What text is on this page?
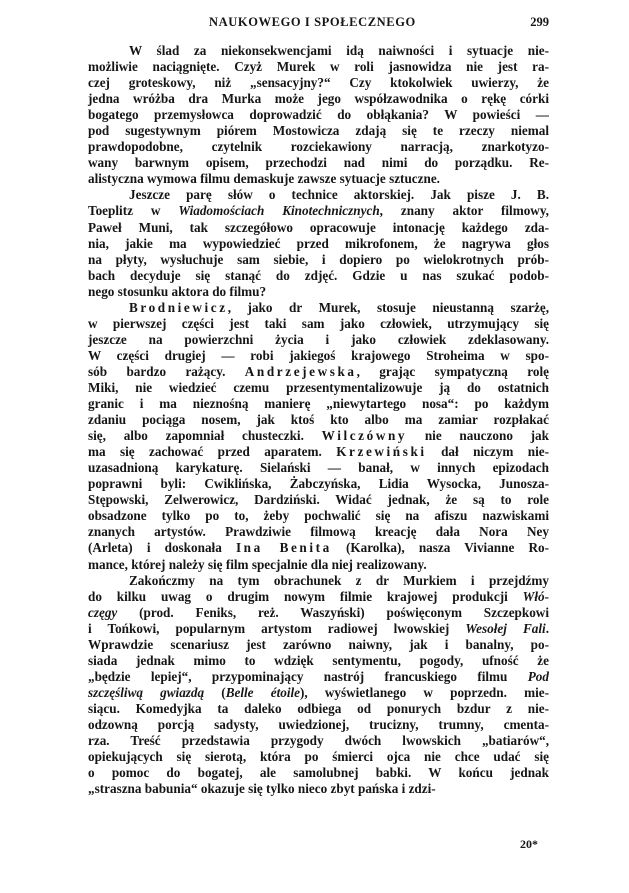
NAUKOWEGO I SPOŁECZNEGO	299
W ślad za niekonsekwencjami idą naiwności i sytuacje nie-
możliwie naciągnięte. Czyż Murek w roli jasnowidza nie jest ra-
czej groteskowy, niż „sensacyjny?“ Czy ktokolwiek uwierzy, że
jedna wróżba dra Murka może jego współzawodnika o rękę córki
bogatego przemysłowca doprowadzić do obłąkania? W powieści —
pod sugestywnym piórem Mostowicza zdają się te rzeczy niemal
prawdopodobne, czytelnik rozciekawiony narracją, znarkotyzo-
wany barwnym opisem, przechodzi nad nimi do porządku. Re-
alistyczna wymowa filmu demaskuje zawsze sytuacje sztuczne.
Jeszcze parę słów o technice aktorskiej. Jak pisze J. B.
Toeplitz w Wiadomościach Kinotechnicznych, znany aktor filmowy,
Paweł Muni, tak szczegółowo opracowuje intonację każdego zda-
nia, jakie ma wypowiedzieć przed mikrofonem, że nagrywa głos
na płyty, wysłuchuje sam siebie, i dopiero po wielokrotnych prób-
bach decyduje się stanąć do zdjęć. Gdzie u nas szukać podob-
nego stosunku aktora do filmu?
Brodniewicz, jako dr Murek, stosuje nieustanną szarżę,
w pierwszej części jest taki sam jako człowiek, utrzymujący się
jeszcze na powierzchni życia i jako człowiek zdeklasowany.
W części drugiej — robi jakiegoś krajowego Stroheima w spo-
sób bardzo rażący. Andrzejewska, grając sympatyczną rolę
Miki, nie wiedzieć czemu przesentymentalizowuje ją do ostatnich
granic i ma nieznośną manierę „niewytartego nosa“: po każdym
zdaniu pociąga nosem, jak ktoś kto albo ma zamiar rozpłakać
się, albo zapomniał chusteczki. Wilczówny nie nauczono jak
ma się zachować przed aparatem. Krzewiński dał niczym nie-
uzasadnioną karykaturę. Sielański — banał, w innych epizodach
poprawni byli: Cwiklińska, Żabczyńska, Lidia Wysocka, Junosza-
Stępowski, Zelwerowicz, Dardziński. Widać jednak, że są to role
obsadzone tylko po to, żeby pochwalić się na afiszu nazwiskami
znanych artystów. Prawdziwie filmową kreację dała Nora Ney
(Arleta) i doskonała Ina Benita (Karolka), nasza Vivianne Ro-
mance, której należy się film specjalnie dla niej realizowany.
Zakończmy na tym obrachunek z dr Murkiem i przejdźmy
do kilku uwag o drugim nowym filmie krajowej produkcji Włó-
częgy (prod. Feniks, reż. Waszyński) poświęconym Szczepkowi
i Tońkowi, popularnym artystom radiowej lwowskiej Wesołej Fali.
Wprawdzie scenariusz jest zarówno naiwny, jak i banalny, po-
siada jednak mimo to wdzięk sentymentu, pogody, ufność że
„będzie lepiej“, przypominający nastrój francuskiego filmu Pod
szczęśliwą gwiazdą (Belle étoile), wyświetlanego w poprzedn. mie-
siącu. Komedyjka ta daleko odbiega od ponurych bzdur z nie-
odzowną porcją sadysty, uwiedzionej, trucizny, trumny, cmenta-
rza. Treść przedstawia przygody dwóch lwowskich „batiarów“,
opiekujących się sierotą, która po śmierci ojca nie chce udać się
o pomoc do bogatej, ale samolubnej babki. W końcu jednak
„straszna babunia“ okazuje się tylko nieco zbyt pańska i zdzi-
20*
